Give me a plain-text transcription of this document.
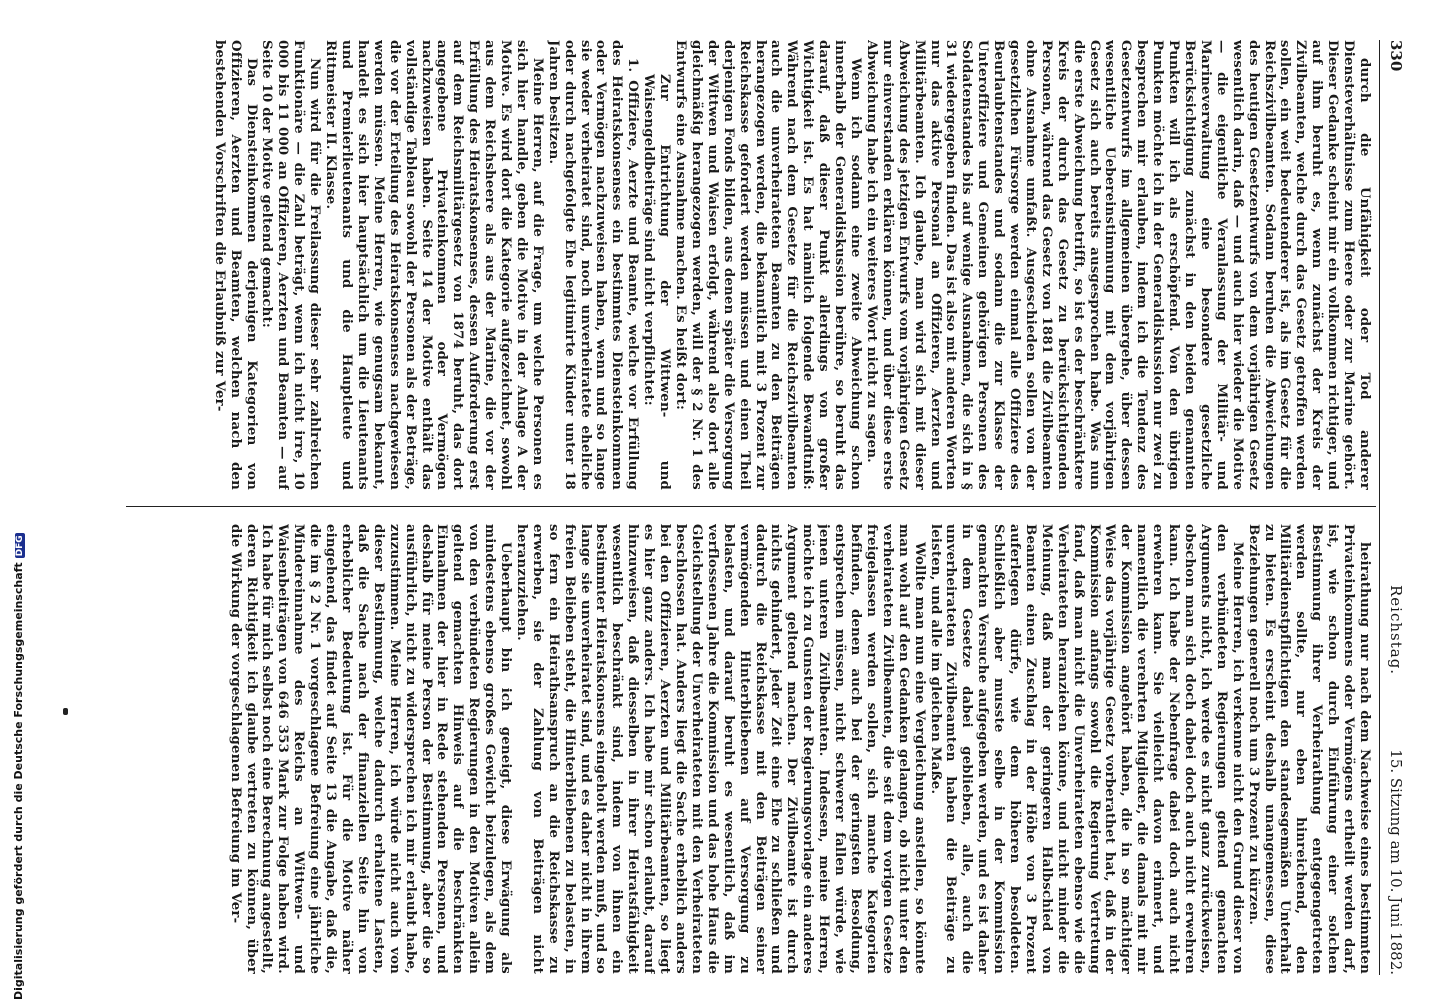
330
Reichstag.
15. Sitzung am 10. Juni 1882.

durch die Unfähigkeit oder Tod anderer Diensteverhältnisse zum Heere oder zur Marine gehört. Dieser Gedanke scheint mir ein vollkommen richtiger, und auf ihm beruht es, wenn zunächst der Kreis der Zivilbeamten, welche durch das Gesetz getroffen werden sollen, ein weit bedeutenderer ist, als im Gesetz für die Reichszivilbeamten. Sodann beruhen die Abweichungen des heutigen Gesetzentwurfs von dem vorjährigen Gesetz wesentlich darin, daß — und auch hier wieder die Motive — die eigentliche Veranlassung der Militär- und Marineverwaltung eine besondere gesetzliche Berücksichtigung zunächst in den beiden genannten Punkten will ich als erschöpfend. Von den übrigen Punkten möchte ich in der Generaldiskussion nur zwei zu besprechen mir erlauben, indem ich die Tendenz des Gesetzentwurfs im allgemeinen übergehe, über dessen wesentliche Uebereinstimmung mit dem vorjährigen Gesetz sich auch bereits ausgesprochen habe. Was nun die erste Abweichung betrifft, so ist es der beschränktere Kreis der durch das Gesetz zu berücksichtigenden Personen, während das Gesetz von 1881 die Zivilbeamten ohne Ausnahme umfaßt. Ausgeschieden sollen von der gesetzlichen Fürsorge werden einmal alle Offiziere des Beurlaubtenstandes und sodann die zur Klasse der Unteroffiziere und Gemeinen gehörigen Personen des Soldatenstandes bis auf wenige Ausnahmen, die sich in § 31 wiedergegeben finden. Das ist also mit anderen Worten nur das aktive Personal an Offizieren, Aerzten und Militärbeamten. Ich glaube, man wird sich mit dieser Abweichung des jetzigen Entwurfs vom vorjährigen Gesetz nur einverstanden erklären können, und über diese erste Abweichung habe ich ein weiteres Wort nicht zu sagen.

Wenn ich sodann eine zweite Abweichung schon innerhalb der Generaldiskussion berühre, so beruht das darauf, daß dieser Punkt allerdings von großer Wichtigkeit ist. Es hat nämlich folgende Bewandtniß: Während nach dem Gesetze für die Reichszivilbeamten auch die unverheirateten Beamten zu den Beiträgen herangezogen werden, die bekanntlich mit 3 Prozent zur Reichskasse gefordert werden müssen und einen Theil derjenigen Fonds bilden, aus denen später die Versorgung der Wittwen und Waisen erfolgt, während also dort alle gleichmäßig herangezogen werden, will der § 2 Nr. 1 des Entwurfs eine Ausnahme machen. Es heißt dort:

Zur Entrichtung der Wittwen- und Waisengeldbeiträge sind nicht verpflichtet:

1. Offiziere, Aerzte und Beamte, welche vor Erfüllung des Heiratskonsenses ein bestimmtes Diensteinkommen oder Vermögen nachzuweisen haben, wenn und so lange sie weder verheiratet sind, noch unverheiratete eheliche oder durch nachgefolgte Ehe legitimirte Kinder unter 18 Jahren besitzen.

Meine Herren, auf die Frage, um welche Personen es sich hier handle, geben die Motive in der Anlage A der Motive. Es wird dort die Kategorie aufgezeichnet, sowohl aus dem Reichsheere als aus der Marine, die vor der Erfüllung des Heiratskonsenses, dessen Aufforderung erst auf dem Reichsmilitärgesetz von 1874 beruht, das dort angegebene Privateinkommen oder Vermögen nachzuweisen haben. Seite 14 der Motive enthält das vollständige Tableau sowohl der Personen als der Beträge, die vor der Erteilung des Heiratskonsenses nachgewiesen werden müssen. Meine Herren, wie genugsam bekannt, handelt es sich hier hauptsächlich um die Lieutenants und Premierlieutenants und die Hauptleute und Rittmeister II. Klasse.

Nun wird für die Freilassung dieser sehr zahlreichen Funktionäre — die Zahl beträgt, wenn ich nicht irre, 10 000 bis 11 000 an Offizieren, Aerzten und Beamten — auf Seite 10 der Motive geltend gemacht:

Das Diensteinkommen derjenigen Kategorien von Offizieren, Aerzten und Beamten, welchen nach den bestehenden Vorschriften die Erlaubniß zur Ver-

heirathung nur nach dem Nachweise eines bestimmten Privateinkommens oder Vermögens ertheilt werden darf, ist, wie schon durch Einführung einer solchen Bestimmung ihrer Verheirathung entgegengetreten werden sollte, nur eben hinreichend, den Militärdienstpflichtigen den standesgemäßen Unterhalt zu bieten. Es erscheint deshalb unangemessen, diese Beziehungen generell noch um 3 Prozent zu kürzen.

Meine Herren, ich verkenne nicht den Grund dieser von den verbündeten Regierungen geltend gemachten Arguments nicht, ich werde es nicht ganz zurückweisen, obschon man sich doch dabei doch auch nicht erwehren kann. Ich habe der Nebenfrage dabei doch auch nicht erwehren kann. Sie vielleicht davon erinnert, und namentlich die verehrten Mitglieder, die damals mit mir der Kommission angehört haben, die in so mächtiger Weise das vorjährige Gesetz vorberathet hat, daß in der Kommission anfangs sowohl die Regierung Vertretung fand, daß man nicht die Unverheirateten ebenso wie die Verheirateten heranziehen könne, und nicht minder die Meinung, daß man der geringeren Halbschied von Beamten einen Zuschlag in der Höhe von 3 Prozent auferlegen dürfe, wie dem höheren besoldeten. Schließlich aber musste selbe in der Kommission gemachten Versuche aufgegeben werden, und es ist daher in dem Gesetze dabei geblieben, alle, auch die unverheirateten Zivilbeamten haben die Beiträge zu leisten, und alle im gleichen Maße.

Wollte man nun eine Vergleichung anstellen, so könnte man wohl auf den Gedanken gelangen, ob nicht unter den verheirateten Zivilbeamten, die seit dem vorigen Gesetze freigelassen werden sollen, sich manche Kategorien befinden, denen auch bei der geringsten Besoldung, entsprechen müssen, nicht schwerer fallen würde, wie jenen unteren Zivilbeamten. Indessen, meine Herren, möchte ich zu Gunsten der Regierungsvorlage ein anderes Argument geltend machen. Der Zivilbeamte ist durch nichts gehindert, jeder Zeit eine Ehe zu schließen und dadurch die Reichskasse mit den Beiträgen seiner vermögenden Hinterbliebenen auf Versorgung zu belasten, und darauf beruht es wesentlich, daß im verflossenen Jahre die Kommission und das hohe Haus die Gleichstellung der Unverheirateten mit den Verheirateten beschlossen hat. Anders liegt die Sache erheblich anders bei den Offizieren, Aerzten und Militärbeamten, so liegt es hier ganz anders. Ich habe mir schon erlaubt, darauf hinzuweisen, daß diesselben in ihrer Heiratsfähigkeit wesentlich beschränkt sind, indem von ihnen ein bestimmter Heiratskonsens eingeholt werden muß, und so lange sie unverheiratet sind, und es daher nicht in ihrem freien Belieben steht, die Hinterbliebenen zu belasten, in so fern ein Heirathsanspruch an die Reichskasse zu erwerben, sie der Zahlung von Beiträgen nicht heranzuziehen.

Ueberhaupt bin ich geneigt, diese Erwägung als mindestens ebenso großes Gewicht beizulegen, als dem von den verbündeten Regierungen in den Motiven allein geltend gemachten Hinweis auf die beschränkten Einnahmen der hier in Rede stehenden Personen, und deshalb für meine Person der Bestimmung, aber die so ausführlich, nicht zu widersprechen ich mir erlaubt habe, zuzustimmen. Meine Herren, ich würde nicht auch von dieser Bestimmung, welche dadurch erhaltene Lasten, daß die Sache nach der finanziellen Seite hin von erheblicher Bedeutung ist. Für die Motive näher eingehend, das findet auf Seite 13 die Angabe, daß die, die im § 2 Nr. 1 vorgeschlagene Befreiung eine jährliche Mindereinnahme des Reichs an Wittwen- und Waisenbeiträgen von 646 353 Mark zur Folge haben wird. Ich habe für mich selbst noch eine Berechnung angestellt, deren Richtigkeit ich glaube vertreten zu können, über die Wirkung der vorgeschlagenen Befreiung im Ver-

Digitalisierung gefördert durch die Deutsche ForschungsgemeinschaftDFG
